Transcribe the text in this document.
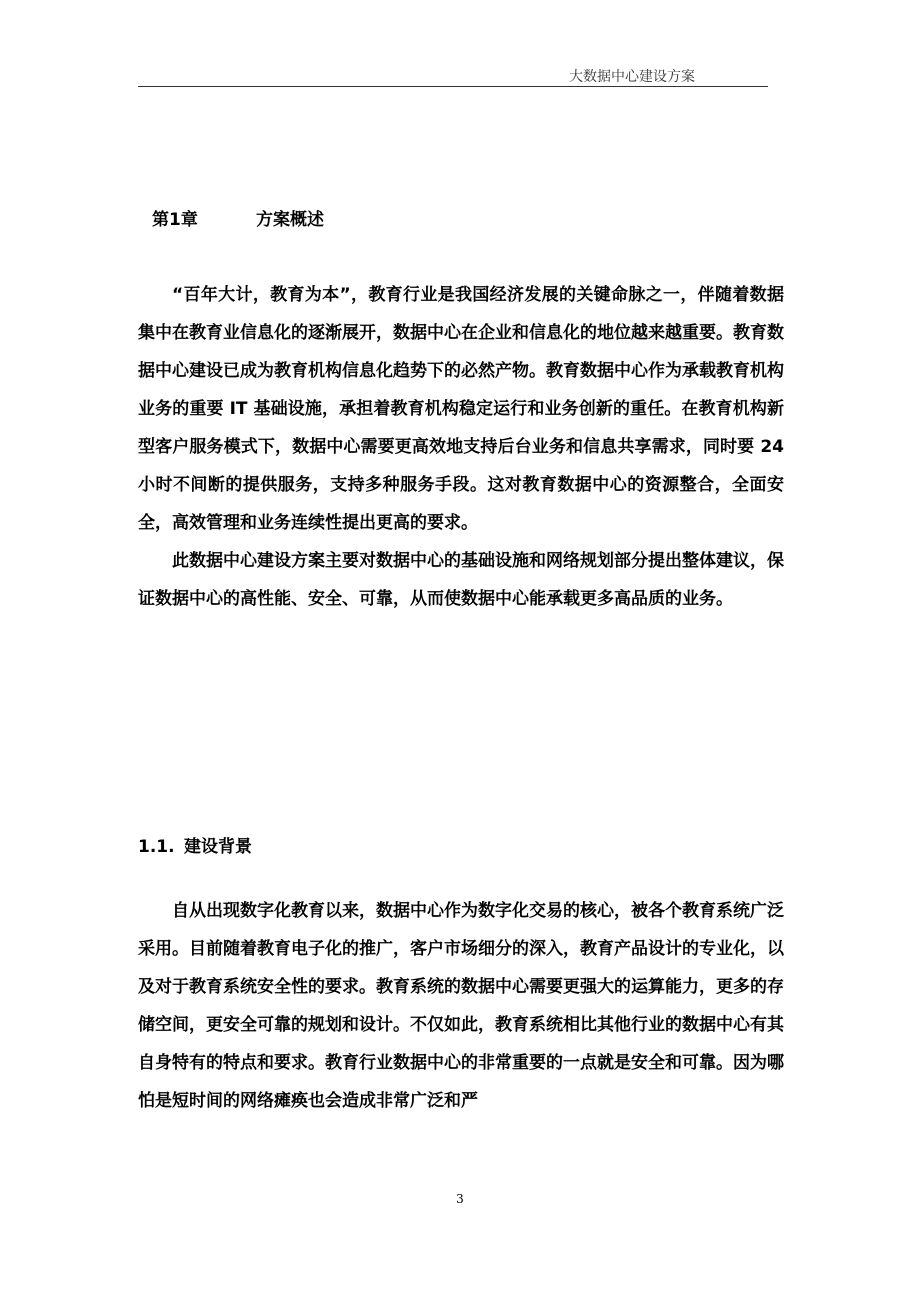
大数据中心建设方案
第1章	方案概述

“百年大计，教育为本”，教育行业是我国经济发展的关键命脉之一，伴随着数据集中在教育业信息化的逐渐展开，数据中心在企业和信息化的地位越来越重要。教育数据中心建设已成为教育机构信息化趋势下的必然产物。教育数据中心作为承载教育机构业务的重要 IT 基础设施，承担着教育机构稳定运行和业务创新的重任。在教育机构新型客户服务模式下，数据中心需要更高效地支持后台业务和信息共享需求，同时要 24 小时不间断的提供服务，支持多种服务手段。这对教育数据中心的资源整合，全面安全，高效管理和业务连续性提出更高的要求。

此数据中心建设方案主要对数据中心的基础设施和网络规划部分提出整体建议，保证数据中心的高性能、安全、可靠，从而使数据中心能承载更多高品质的业务。

1.1. 建设背景

自从出现数字化教育以来，数据中心作为数字化交易的核心，被各个教育系统广泛采用。目前随着教育电子化的推广，客户市场细分的深入，教育产品设计的专业化，以及对于教育系统安全性的要求。教育系统的数据中心需要更强大的运算能力，更多的存储空间，更安全可靠的规划和设计。不仅如此，教育系统相比其他行业的数据中心有其自身特有的特点和要求。教育行业数据中心的非常重要的一点就是安全和可靠。因为哪怕是短时间的网络瘫痪也会造成非常广泛和严

3
